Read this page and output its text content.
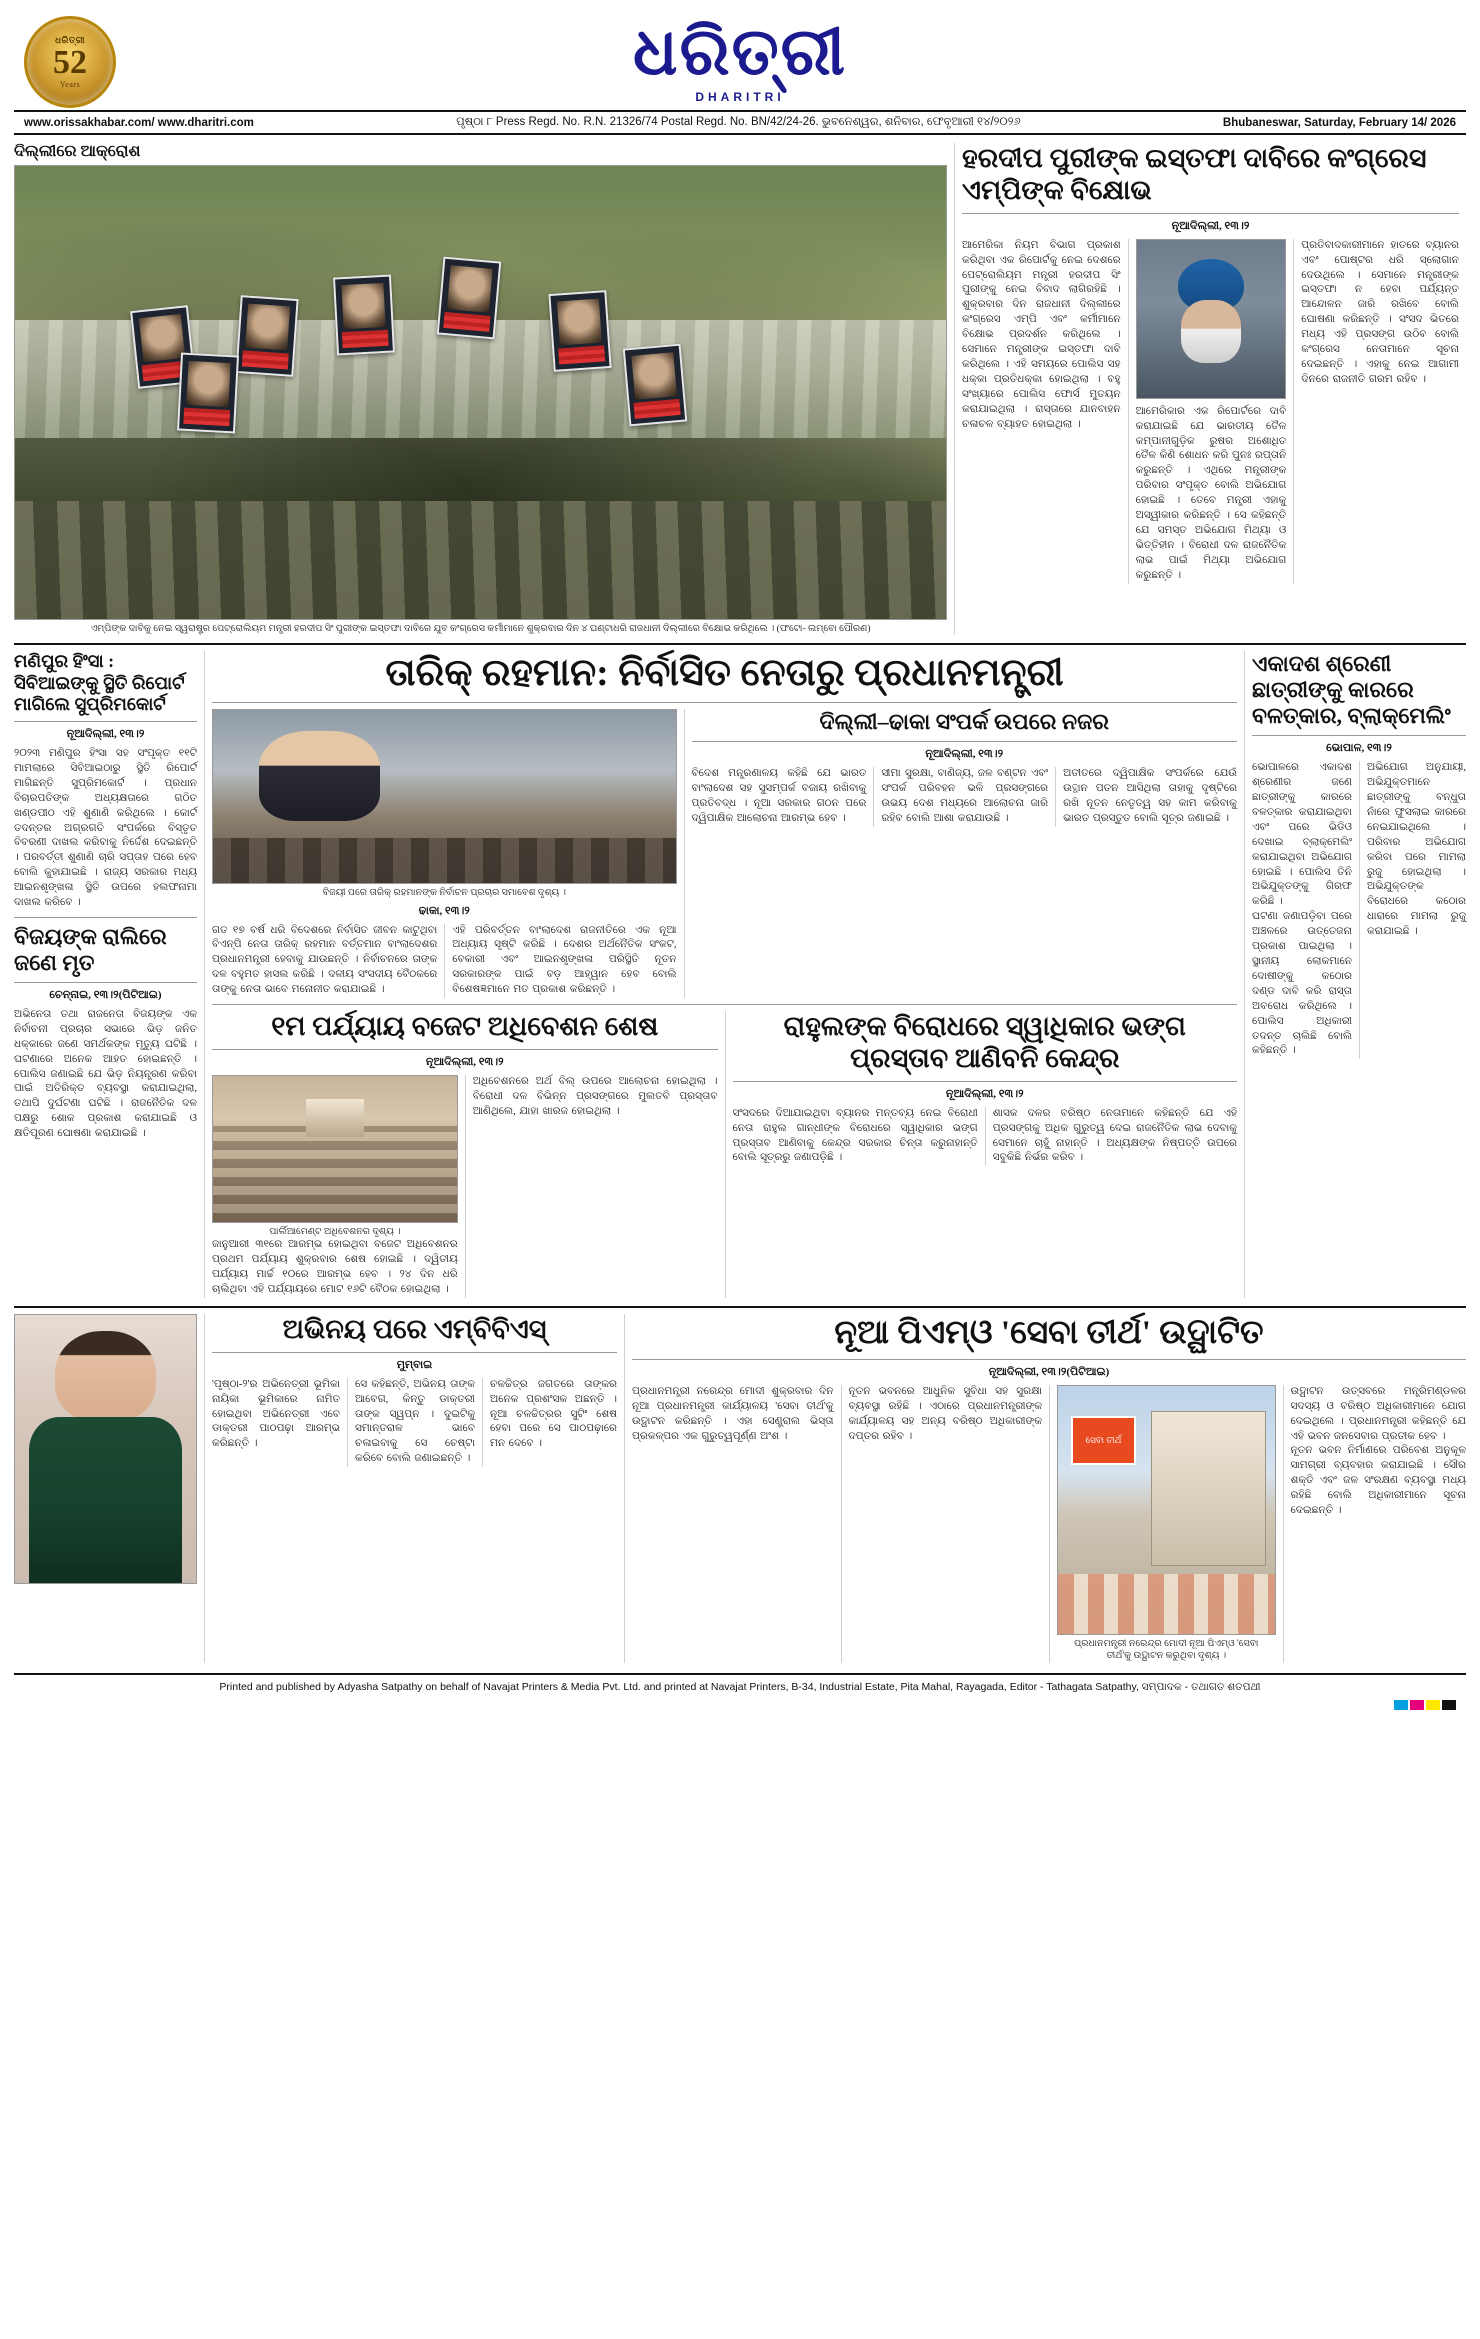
ଧରିତ୍ରୀ
52
Years	ଧରିତ୍ରୀ
DHARITRI
www.orissakhabar.com/ www.dharitri.com	ପୃଷ୍ଠା ୮ Press Regd. No. R.N. 21326/74 Postal Regd. No. BN/42/24-26. ଭୁବନେଶ୍ୱର, ଶନିବାର, ଫେବୃଆରୀ ୧୪/୨୦୨୬	Bhubaneswar, Saturday, February 14/ 2026
ଦିଲ୍ଲୀରେ ଆକ୍ରୋଶ
ଏମ୍ପିଙ୍କ ଦାବିକୁ ନେଇ ସ୍ୱରାଷ୍ଟ୍ର ପେଟ୍ରୋଲିୟମ ମନ୍ତ୍ରୀ ହରଦୀପ ସିଂ ପୁରୀଙ୍କ ଇସ୍ତଫା ଦାବିରେ ଯୁବ କଂଗ୍ରେସ କର୍ମୀମାନେ ଶୁକ୍ରବାର ଦିନ ୪ ଘଣ୍ଟାଧରି ରାଜଧାନୀ ଦିଲ୍ଲୀରେ ବିକ୍ଷୋଭ କରିଥିଲେ । (ଫଟୋ- ଲମ୍ବୋ ପୌରଣ)
ହରଦୀପ ପୁରୀଙ୍କ ଇସ୍ତଫା ଦାବିରେ କଂଗ୍ରେସ ଏମ୍ପିଙ୍କ ବିକ୍ଷୋଭ
ନୂଆଦିଲ୍ଲୀ, ୧୩।୨
ଆମେରିକା ନିୟମ ବିଭାଗ ପ୍ରକାଶ କରିଥିବା ଏକ ରିପୋର୍ଟକୁ ନେଇ ଦେଶରେ ପେଟ୍ରୋଲିୟମ ମନ୍ତ୍ରୀ ହରଦୀପ ସିଂ ପୁରୀଙ୍କୁ ନେଇ ବିବାଦ ଲାଗିରହିଛି । ଶୁକ୍ରବାର ଦିନ ରାଜଧାନୀ ଦିଲ୍ଲୀରେ କଂଗ୍ରେସ ଏମ୍ପି ଏବଂ କର୍ମୀମାନେ ବିକ୍ଷୋଭ ପ୍ରଦର୍ଶନ କରିଥିଲେ । ସେମାନେ ମନ୍ତ୍ରୀଙ୍କ ଇସ୍ତଫା ଦାବି କରିଥିଲେ । ଏହି ସମୟରେ ପୋଲିସ ସହ ଧକ୍କା ପ୍ରତିଧକ୍କା ହୋଇଥିଲା । ବହୁ ସଂଖ୍ୟାରେ ପୋଲିସ ଫୋର୍ସ ମୁତୟନ କରାଯାଇଥିଲା । ରାସ୍ତାରେ ଯାନବାହନ ଚଳାଚଳ ବ୍ୟାହତ ହୋଇଥିଲା ।
ଆମେରିକାର ଏକ ରିପୋର୍ଟରେ ଦାବି କରାଯାଇଛି ଯେ ଭାରତୀୟ ତୈଳ କମ୍ପାନୀଗୁଡ଼ିକ ରୁଷର ଅଶୋଧିତ ତୈଳ କିଣି ଶୋଧନ କରି ପୁନଃ ରପ୍ତାନି କରୁଛନ୍ତି । ଏଥିରେ ମନ୍ତ୍ରୀଙ୍କ ପରିବାର ସଂପୃକ୍ତ ବୋଲି ଅଭିଯୋଗ ହୋଇଛି । ତେବେ ମନ୍ତ୍ରୀ ଏହାକୁ ଅସ୍ୱୀକାର କରିଛନ୍ତି । ସେ କହିଛନ୍ତି ଯେ ସମସ୍ତ ଅଭିଯୋଗ ମିଥ୍ୟା ଓ ଭିତ୍ତିହୀନ । ବିରୋଧୀ ଦଳ ରାଜନୈତିକ ଲାଭ ପାଇଁ ମିଥ୍ୟା ଅଭିଯୋଗ କରୁଛନ୍ତି ।
ପ୍ରତିବାଦକାରୀମାନେ ହାତରେ ବ୍ୟାନର ଏବଂ ପୋଷ୍ଟର ଧରି ସ୍ଲୋଗାନ ଦେଉଥିଲେ । ସେମାନେ ମନ୍ତ୍ରୀଙ୍କ ଇସ୍ତଫା ନ ହେବା ପର୍ଯ୍ୟନ୍ତ ଆନ୍ଦୋଳନ ଜାରି ରଖିବେ ବୋଲି ଘୋଷଣା କରିଛନ୍ତି । ସଂସଦ ଭିତରେ ମଧ୍ୟ ଏହି ପ୍ରସଙ୍ଗ ଉଠିବ ବୋଲି କଂଗ୍ରେସ ନେତାମାନେ ସୂଚନା ଦେଇଛନ୍ତି । ଏହାକୁ ନେଇ ଆଗାମୀ ଦିନରେ ରାଜନୀତି ଗରମ ରହିବ ।
ମଣିପୁର ହିଂସା : ସିବିଆଇଙ୍କୁ ସ୍ଥିତି ରିପୋର୍ଟ ମାଗିଲେ ସୁପ୍ରିମକୋର୍ଟ
ନୂଆଦିଲ୍ଲୀ, ୧୩।୨
୨୦୨୩ ମଣିପୁର ହିଂସା ସହ ସଂପୃକ୍ତ ୧୧ଟି ମାମଲାରେ ସିବିଆଇଠାରୁ ସ୍ଥିତି ରିପୋର୍ଟ ମାଗିଛନ୍ତି ସୁପ୍ରିମକୋର୍ଟ । ପ୍ରଧାନ ବିଚାରପତିଙ୍କ ଅଧ୍ୟକ୍ଷତାରେ ଗଠିତ ଖଣ୍ଡପୀଠ ଏହି ଶୁଣାଣି କରିଥିଲେ । କୋର୍ଟ ତଦନ୍ତର ଅଗ୍ରଗତି ସଂପର୍କରେ ବିସ୍ତୃତ ବିବରଣୀ ଦାଖଲ କରିବାକୁ ନିର୍ଦ୍ଦେଶ ଦେଇଛନ୍ତି । ପରବର୍ତ୍ତୀ ଶୁଣାଣି ଚାରି ସପ୍ତାହ ପରେ ହେବ ବୋଲି କୁହାଯାଇଛି । ରାଜ୍ୟ ସରକାର ମଧ୍ୟ ଆଇନଶୃଙ୍ଖଳା ସ୍ଥିତି ଉପରେ ହଲଫନାମା ଦାଖଲ କରିବେ ।
ବିଜୟଙ୍କ ରାଲିରେ ଜଣେ ମୃତ
ଚେନ୍ନାଇ, ୧୩।୨(ପିଟିଆଇ)
ଅଭିନେତା ତଥା ରାଜନେତା ବିଜୟଙ୍କ ଏକ ନିର୍ବାଚନୀ ପ୍ରଚାର ସଭାରେ ଭିଡ଼ ଜନିତ ଧକ୍କାରେ ଜଣେ ସମର୍ଥକଙ୍କ ମୃତ୍ୟୁ ଘଟିଛି । ଘଟଣାରେ ଅନେକ ଆହତ ହୋଇଛନ୍ତି । ପୋଲିସ ଜଣାଇଛି ଯେ ଭିଡ଼ ନିୟନ୍ତ୍ରଣ କରିବା ପାଇଁ ଅତିରିକ୍ତ ବ୍ୟବସ୍ଥା କରାଯାଇଥିଲା, ତଥାପି ଦୁର୍ଘଟଣା ଘଟିଛି । ରାଜନୈତିକ ଦଳ ପକ୍ଷରୁ ଶୋକ ପ୍ରକାଶ କରାଯାଇଛି ଓ କ୍ଷତିପୂରଣ ଘୋଷଣା କରାଯାଇଛି ।
ତାରିକ୍ ରହମାନ: ନିର୍ବାସିତ ନେତାରୁ ପ୍ରଧାନମନ୍ତ୍ରୀ
ବିଜୟୀ ପରେ ତାରିକ୍ ରହମାନଙ୍କ ନିର୍ବାଚନ ପ୍ରଚାର ସମାବେଶ ଦୃଶ୍ୟ ।
ଢାକା, ୧୩।୨
ଗତ ୧୭ ବର୍ଷ ଧରି ବିଦେଶରେ ନିର୍ବାସିତ ଜୀବନ କାଟୁଥିବା ବିଏନ୍ପି ନେତା ତାରିକ୍ ରହମାନ ବର୍ତ୍ତମାନ ବାଂଲାଦେଶର ପ୍ରଧାନମନ୍ତ୍ରୀ ହେବାକୁ ଯାଉଛନ୍ତି । ନିର୍ବାଚନରେ ତାଙ୍କ ଦଳ ବହୁମତ ହାସଲ କରିଛି । ଦଳୀୟ ସଂସଦୀୟ ବୈଠକରେ ତାଙ୍କୁ ନେତା ଭାବେ ମନୋନୀତ କରାଯାଇଛି ।
ଏହି ପରିବର୍ତ୍ତନ ବାଂଲାଦେଶ ରାଜନୀତିରେ ଏକ ନୂଆ ଅଧ୍ୟାୟ ସୃଷ୍ଟି କରିଛି । ଦେଶର ଅର୍ଥନୈତିକ ସଂକଟ, ବେକାରୀ ଏବଂ ଆଇନଶୃଙ୍ଖଳା ପରିସ୍ଥିତି ନୂତନ ସରକାରଙ୍କ ପାଇଁ ବଡ଼ ଆହ୍ୱାନ ହେବ ବୋଲି ବିଶେଷଜ୍ଞମାନେ ମତ ପ୍ରକାଶ କରିଛନ୍ତି ।
ଦିଲ୍ଲୀ–ଢାକା ସଂପର୍କ ଉପରେ ନଜର
ନୂଆଦିଲ୍ଲୀ, ୧୩।୨
ବିଦେଶ ମନ୍ତ୍ରଣାଳୟ କହିଛି ଯେ ଭାରତ ବାଂଲାଦେଶ ସହ ସୁସମ୍ପର୍କ ବଜାୟ ରଖିବାକୁ ପ୍ରତିବଦ୍ଧ । ନୂଆ ସରକାର ଗଠନ ପରେ ଦ୍ୱିପାକ୍ଷିକ ଆଲୋଚନା ଆରମ୍ଭ ହେବ ।
ସୀମା ସୁରକ୍ଷା, ବାଣିଜ୍ୟ, ଜଳ ବଣ୍ଟନ ଏବଂ ସଂପର୍କ ପରିବହନ ଭଳି ପ୍ରସଙ୍ଗରେ ଉଭୟ ଦେଶ ମଧ୍ୟରେ ଆଲୋଚନା ଜାରି ରହିବ ବୋଲି ଆଶା କରାଯାଉଛି ।
ଅତୀତରେ ଦ୍ୱିପାକ୍ଷିକ ସଂପର୍କରେ ଯେଉଁ ଉତ୍ଥାନ ପତନ ଆସିଥିଲା ତାହାକୁ ଦୃଷ୍ଟିରେ ରଖି ନୂତନ ନେତୃତ୍ୱ ସହ କାମ କରିବାକୁ ଭାରତ ପ୍ରସ୍ତୁତ ବୋଲି ସୂତ୍ର ଜଣାଇଛି ।
୧ମ ପର୍ଯ୍ୟାୟ ବଜେଟ ଅଧିବେଶନ ଶେଷ
ନୂଆଦିଲ୍ଲୀ, ୧୩।୨
ପାର୍ଲିଆମେଣ୍ଟ ଅଧିବେଶନର ଦୃଶ୍ୟ ।
ଜାନୁଆରୀ ୩୧ରେ ଆରମ୍ଭ ହୋଇଥିବା ବଜେଟ ଅଧିବେଶନର ପ୍ରଥମ ପର୍ଯ୍ୟାୟ ଶୁକ୍ରବାର ଶେଷ ହୋଇଛି । ଦ୍ୱିତୀୟ ପର୍ଯ୍ୟାୟ ମାର୍ଚ୍ଚ ୧୦ରେ ଆରମ୍ଭ ହେବ । ୨୪ ଦିନ ଧରି ଚାଲିଥିବା ଏହି ପର୍ଯ୍ୟାୟରେ ମୋଟ ୧୬ଟି ବୈଠକ ହୋଇଥିଲା ।
ଅଧିବେଶନରେ ଅର୍ଥ ବିଲ୍ ଉପରେ ଆଲୋଚନା ହୋଇଥିଲା । ବିରୋଧୀ ଦଳ ବିଭିନ୍ନ ପ୍ରସଙ୍ଗରେ ମୁଲତବି ପ୍ରସ୍ତାବ ଆଣିଥିଲେ, ଯାହା ଖାରଜ ହୋଇଥିଲା ।
ରାହୁଲଙ୍କ ବିରୋଧରେ ସ୍ୱାଧିକାର ଭଙ୍ଗ ପ୍ରସ୍ତାବ ଆଣିବନି କେନ୍ଦ୍ର
ନୂଆଦିଲ୍ଲୀ, ୧୩।୨
ସଂସଦରେ ଦିଆଯାଇଥିବା ବ୍ୟାନର ମନ୍ତବ୍ୟ ନେଇ ବିରୋଧୀ ନେତା ରାହୁଲ ଗାନ୍ଧୀଙ୍କ ବିରୋଧରେ ସ୍ୱାଧିକାର ଭଙ୍ଗ ପ୍ରସ୍ତାବ ଆଣିବାକୁ କେନ୍ଦ୍ର ସରକାର ଚିନ୍ତା କରୁନାହାନ୍ତି ବୋଲି ସୂତ୍ରରୁ ଜଣାପଡ଼ିଛି ।
ଶାସକ ଦଳର ବରିଷ୍ଠ ନେତାମାନେ କହିଛନ୍ତି ଯେ ଏହି ପ୍ରସଙ୍ଗକୁ ଅଧିକ ଗୁରୁତ୍ୱ ଦେଇ ରାଜନୈତିକ ଲାଭ ଦେବାକୁ ସେମାନେ ଚାହୁଁ ନାହାନ୍ତି । ଅଧ୍ୟକ୍ଷଙ୍କ ନିଷ୍ପତ୍ତି ଉପରେ ସବୁକିଛି ନିର୍ଭର କରିବ ।
ଏକାଦଶ ଶ୍ରେଣୀ ଛାତ୍ରୀଙ୍କୁ କାରରେ ବଳତ୍କାର, ବ୍ଲାକ୍ମେଲିଂ
ଭୋପାଳ, ୧୩।୨
ଭୋପାଳରେ ଏକାଦଶ ଶ୍ରେଣୀର ଜଣେ ଛାତ୍ରୀଙ୍କୁ କାରରେ ବଳତ୍କାର କରାଯାଇଥିବା ଏବଂ ପରେ ଭିଡିଓ ଦେଖାଇ ବ୍ଲାକ୍ମେଲିଂ କରାଯାଇଥିବା ଅଭିଯୋଗ ହୋଇଛି । ପୋଲିସ ତିନି ଅଭିଯୁକ୍ତଙ୍କୁ ଗିରଫ କରିଛି ।
ଘଟଣା ଜଣାପଡ଼ିବା ପରେ ଅଞ୍ଚଳରେ ଉତ୍ତେଜନା ପ୍ରକାଶ ପାଇଥିଲା । ସ୍ଥାନୀୟ ଲୋକମାନେ ଦୋଷୀଙ୍କୁ କଠୋର ଦଣ୍ଡ ଦାବି କରି ରାସ୍ତା ଅବରୋଧ କରିଥିଲେ । ପୋଲିସ ଅଧିକାରୀ ତଦନ୍ତ ଚାଲିଛି ବୋଲି କହିଛନ୍ତି ।
ଅଭିଯୋଗ ଅନୁଯାୟୀ, ଅଭିଯୁକ୍ତମାନେ ଛାତ୍ରୀଙ୍କୁ ବନ୍ଧୁତା ନାଁରେ ଫୁସଲାଇ କାରରେ ନେଇଯାଇଥିଲେ । ପରିବାର ଅଭିଯୋଗ କରିବା ପରେ ମାମଲା ରୁଜୁ ହୋଇଥିଲା । ଅଭିଯୁକ୍ତଙ୍କ ବିରୋଧରେ କଠୋର ଧାରାରେ ମାମଲା ରୁଜୁ କରାଯାଇଛି ।
ଅଭିନୟ ପରେ ଏମ୍ବିବିଏସ୍
ମୁମ୍ବାଇ
'ପୃଷ୍ଠା-୨'ର ଅଭିନେତ୍ରୀ ଭୂମିକା ନାୟିକା ଭୂମିକାରେ ନାମିତ ହୋଇଥିବା ଅଭିନେତ୍ରୀ ଏବେ ଡାକ୍ତରୀ ପାଠପଢ଼ା ଆରମ୍ଭ କରିଛନ୍ତି ।
ସେ କହିଛନ୍ତି, ଅଭିନୟ ତାଙ୍କ ଆବେଗ, କିନ୍ତୁ ଡାକ୍ତରୀ ତାଙ୍କ ସ୍ୱପ୍ନ । ଦୁଇଟିକୁ ସମାନ୍ତରାଳ ଭାବେ ଚଳାଇବାକୁ ସେ ଚେଷ୍ଟା କରିବେ ବୋଲି ଜଣାଇଛନ୍ତି ।
ଚଳଚ୍ଚିତ୍ର ଜଗତରେ ତାଙ୍କର ଅନେକ ପ୍ରଶଂସକ ଅଛନ୍ତି । ନୂଆ ଚଳଚ୍ଚିତ୍ରର ସୁଟିଂ ଶେଷ ହେବା ପରେ ସେ ପାଠପଢ଼ାରେ ମନ ଦେବେ ।
ନୂଆ ପିଏମ୍ଓ 'ସେବା ତୀର୍ଥ' ଉଦ୍ଘାଟିତ
ନୂଆଦିଲ୍ଲୀ, ୧୩।୨(ପିଟିଆଇ)
ପ୍ରଧାନମନ୍ତ୍ରୀ ନରେନ୍ଦ୍ର ମୋଦୀ ଶୁକ୍ରବାର ଦିନ ନୂଆ ପ୍ରଧାନମନ୍ତ୍ରୀ କାର୍ଯ୍ୟାଳୟ 'ସେବା ତୀର୍ଥ'କୁ ଉଦ୍ଘାଟନ କରିଛନ୍ତି । ଏହା ସେଣ୍ଟ୍ରାଲ ଭିସ୍ତା ପ୍ରକଳ୍ପର ଏକ ଗୁରୁତ୍ୱପୂର୍ଣ୍ଣ ଅଂଶ ।
ନୂତନ ଭବନରେ ଆଧୁନିକ ସୁବିଧା ସହ ସୁରକ୍ଷା ବ୍ୟବସ୍ଥା ରହିଛି । ଏଠାରେ ପ୍ରଧାନମନ୍ତ୍ରୀଙ୍କ କାର୍ଯ୍ୟାଳୟ ସହ ଅନ୍ୟ ବରିଷ୍ଠ ଅଧିକାରୀଙ୍କ ଦପ୍ତର ରହିବ ।	ସେବା ତୀର୍ଥ
ପ୍ରଧାନମନ୍ତ୍ରୀ ନରେନ୍ଦ୍ର ମୋଦୀ ନୂଆ ପିଏମ୍ଓ 'ସେବା ତୀର୍ଥ'କୁ ଉଦ୍ଘାଟନ କରୁଥିବା ଦୃଶ୍ୟ ।
ଉଦ୍ଘାଟନ ଉତ୍ସବରେ ମନ୍ତ୍ରିମଣ୍ଡଳର ସଦସ୍ୟ ଓ ବରିଷ୍ଠ ଅଧିକାରୀମାନେ ଯୋଗ ଦେଇଥିଲେ । ପ୍ରଧାନମନ୍ତ୍ରୀ କହିଛନ୍ତି ଯେ ଏହି ଭବନ ଜନସେବାର ପ୍ରତୀକ ହେବ ।
ନୂତନ ଭବନ ନିର୍ମାଣରେ ପରିବେଶ ଅନୁକୂଳ ସାମଗ୍ରୀ ବ୍ୟବହାର କରାଯାଇଛି । ସୌର ଶକ୍ତି ଏବଂ ଜଳ ସଂରକ୍ଷଣ ବ୍ୟବସ୍ଥା ମଧ୍ୟ ରହିଛି ବୋଲି ଅଧିକାରୀମାନେ ସୂଚନା ଦେଇଛନ୍ତି ।
Printed and published by Adyasha Satpathy on behalf of Navajat Printers & Media Pvt. Ltd. and printed at Navajat Printers, B-34, Industrial Estate, Pita Mahal, Rayagada, Editor - Tathagata Satpathy, ସମ୍ପାଦକ - ତଥାଗତ ଶତପଥୀ
